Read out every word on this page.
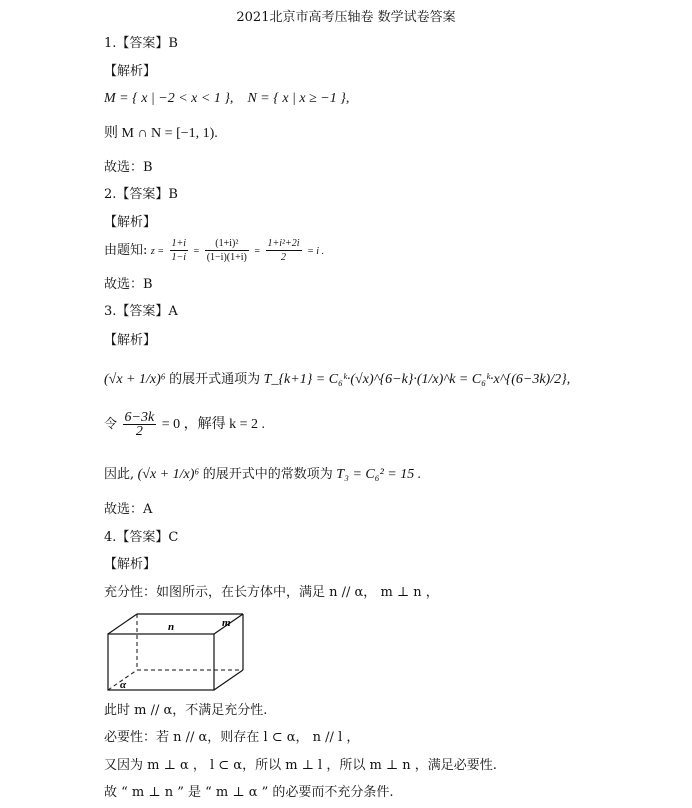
2021北京市高考压轴卷 数学试卷答案
1.【答案】B
【解析】
M = { x | −2 < x < 1 }, N = { x | x ≥ −1 },
则 M ∩ N = [−1, 1).
故选：B
2.【答案】B
【解析】
由题知: $z = \frac{1+i}{1-i} = \frac{\text{(1+i)²}}{(1-i)(1+i)} = \frac{\text{1+i²+2i}}{2} = i$ .
故选：B
3.【答案】A
【解析】
(√x + 1/x)⁶ 的展开式通项为 T_{k+1} = C₆ᵏ·(√x)^{6−k}·(1/x)^k = C₆ᵏ·x^{(6−3k)/2},
令 $\frac{6-3k}{2} = 0$ ，解得 k = 2 .
因此, (√x + 1/x)⁶ 的展开式中的常数项为 T₃ = C₆² = 15 .
故选：A
4.【答案】C
【解析】
充分性：如图所示，在长方体中，满足 n // α， m ⊥ n ，
n	m
α
此时 m // α，不满足充分性.
必要性：若 n // α，则存在 l ⊂ α， n // l ，
又因为 m ⊥ α ， l ⊂ α，所以 m ⊥ l ，所以 m ⊥ n ，满足必要性.
故 “ m ⊥ n ” 是 “ m ⊥ α ” 的必要而不充分条件.
